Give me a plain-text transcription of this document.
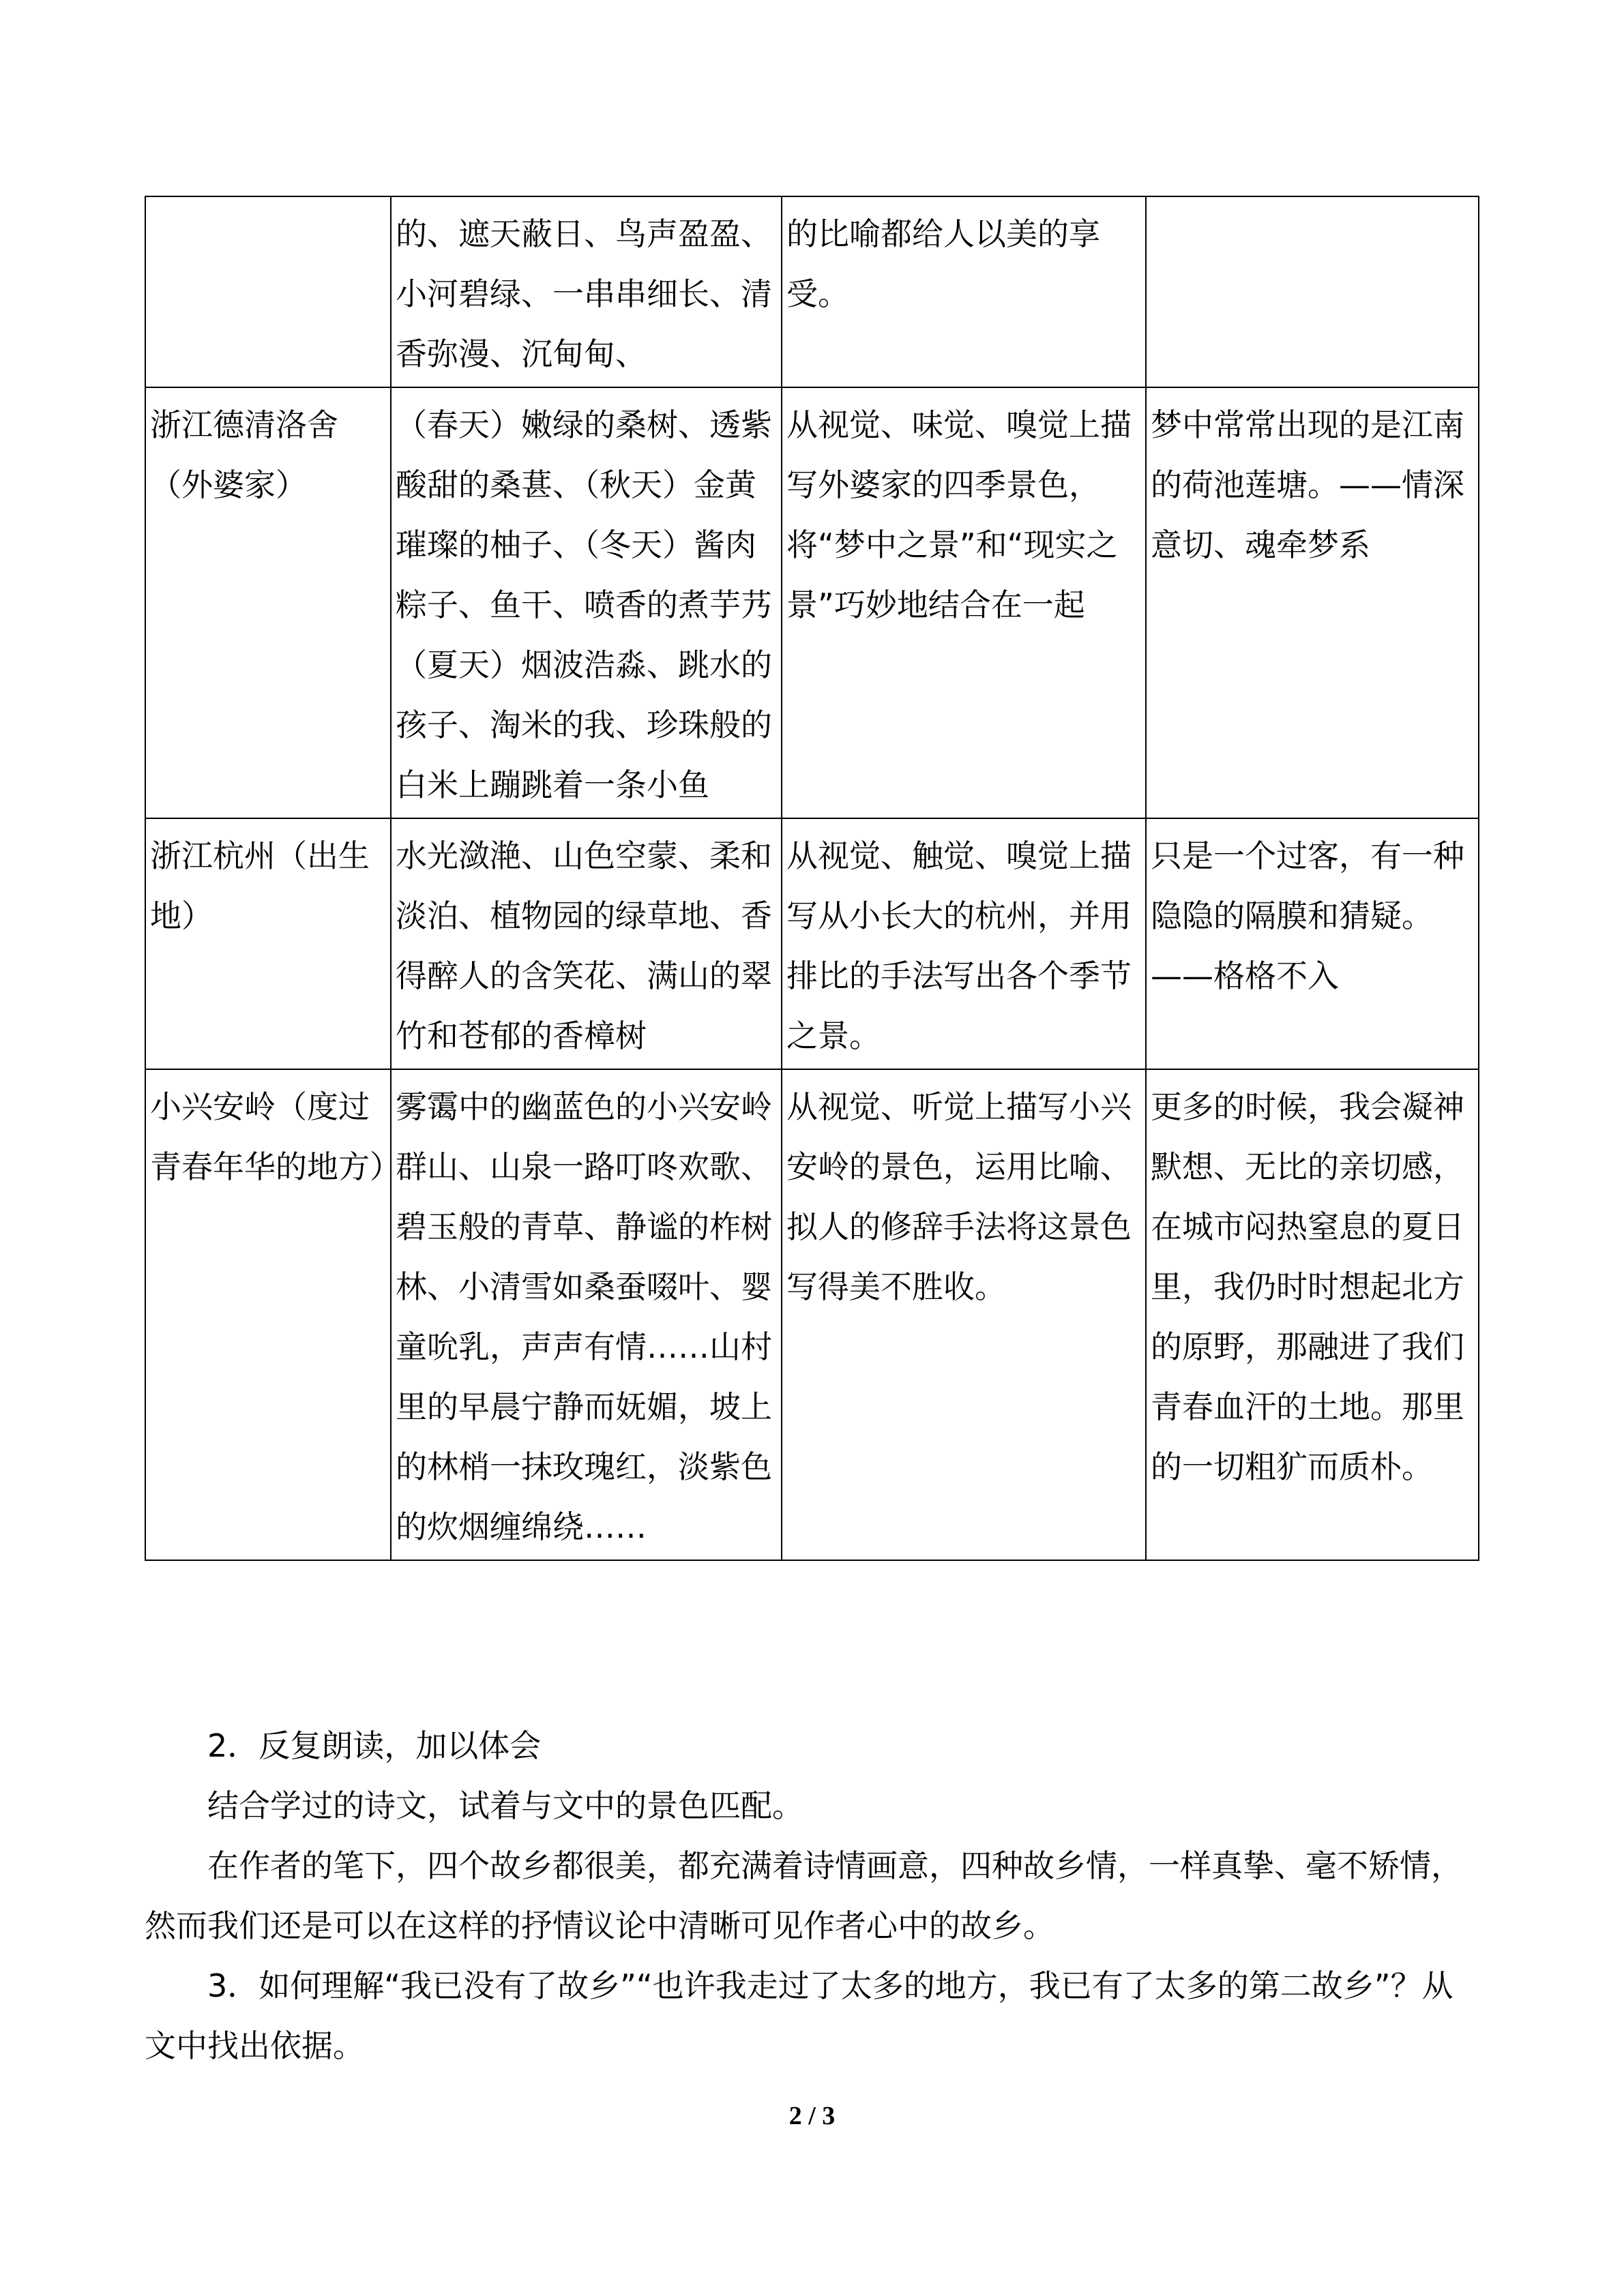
	的、遮天蔽日、鸟声盈盈、小河碧绿、一串串细长、清香弥漫、沉甸甸、	的比喻都给人以美的享受。	

浙江德清洛舍（外婆家）	（春天）嫩绿的桑树、透紫酸甜的桑葚、（秋天）金黄璀璨的柚子、（冬天）酱肉粽子、鱼干、喷香的煮芋艿（夏天）烟波浩淼、跳水的孩子、淘米的我、珍珠般的白米上蹦跳着一条小鱼	从视觉、味觉、嗅觉上描写外婆家的四季景色，将“梦中之景”和“现实之景”巧妙地结合在一起	梦中常常出现的是江南的荷池莲塘。——情深意切、魂牵梦系

浙江杭州（出生地）	水光潋滟、山色空蒙、柔和淡泊、植物园的绿草地、香得醉人的含笑花、满山的翠竹和苍郁的香樟树	从视觉、触觉、嗅觉上描写从小长大的杭州，并用排比的手法写出各个季节之景。	只是一个过客，有一种隐隐的隔膜和猜疑。——格格不入

小兴安岭（度过青春年华的地方）	雾霭中的幽蓝色的小兴安岭群山、山泉一路叮咚欢歌、碧玉般的青草、静谧的柞树林、小清雪如桑蚕啜叶、婴童吮乳，声声有情……山村里的早晨宁静而妩媚，坡上的林梢一抹玫瑰红，淡紫色的炊烟缠绵绕……	从视觉、听觉上描写小兴安岭的景色，运用比喻、拟人的修辞手法将这景色写得美不胜收。	更多的时候，我会凝神默想、无比的亲切感，在城市闷热窒息的夏日里，我仍时时想起北方的原野，那融进了我们青春血汗的土地。那里的一切粗犷而质朴。

2．反复朗读，加以体会

结合学过的诗文，试着与文中的景色匹配。

在作者的笔下，四个故乡都很美，都充满着诗情画意，四种故乡情，一样真挚、毫不矫情，然而我们还是可以在这样的抒情议论中清晰可见作者心中的故乡。

3．如何理解“我已没有了故乡”“也许我走过了太多的地方，我已有了太多的第二故乡”？从文中找出依据。

2 / 3
